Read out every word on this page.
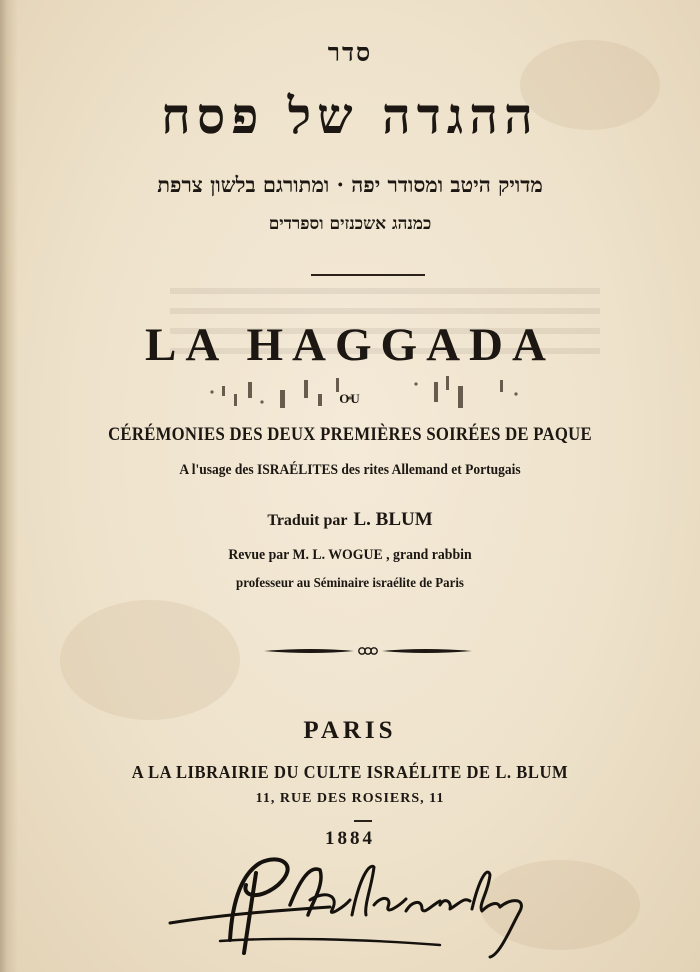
סדר
ההגדה של פסח
מדויק היטב ומסודר יפה · ומתורגם בלשון צרפת
כמנהג אשכנזים וספרדים
LA HAGGADA
OU
CÉRÉMONIES DES DEUX PREMIÈRES SOIRÉES DE PAQUE
A l'usage des ISRAÉLITES des rites Allemand et Portugais
Traduit par L. BLUM
Revue par M. L. WOGUE , grand rabbin
professeur au Séminaire israélite de Paris
PARIS
A LA LIBRAIRIE DU CULTE ISRAÉLITE DE L. BLUM
11, RUE DES ROSIERS, 11
1884
